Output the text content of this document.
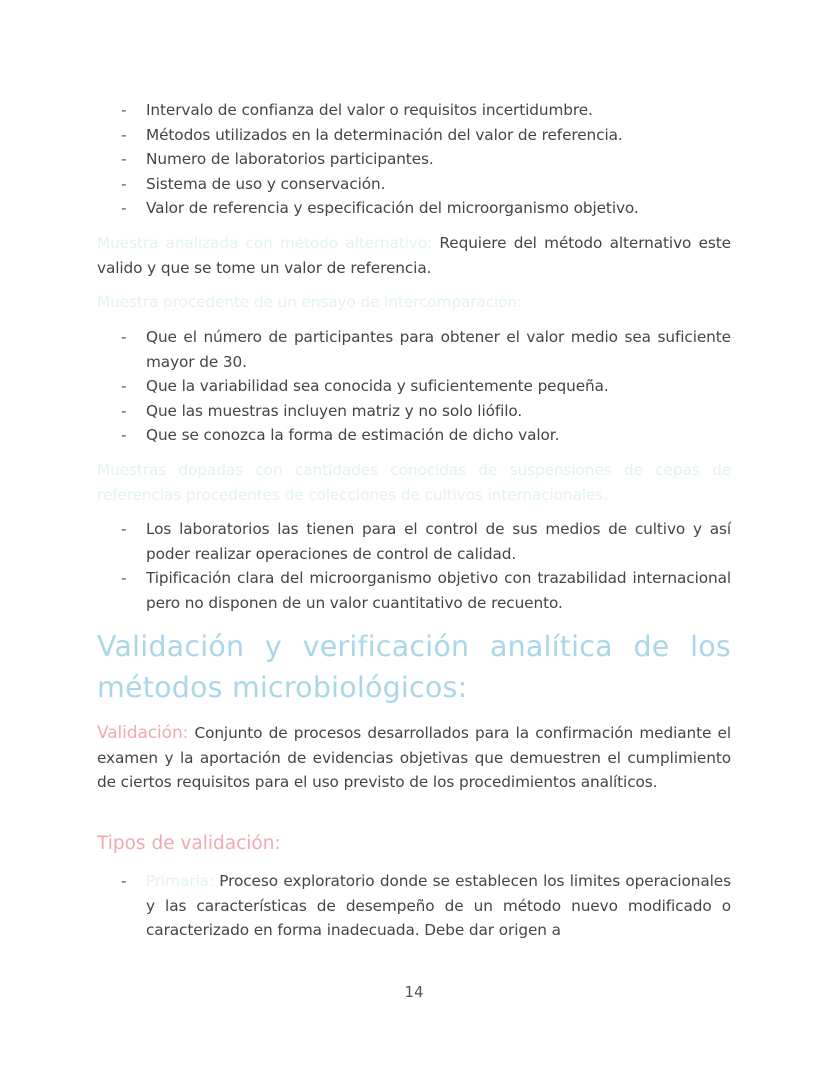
- Intervalo de confianza del valor o requisitos incertidumbre.
- Métodos utilizados en la determinación del valor de referencia.
- Numero de laboratorios participantes.
- Sistema de uso y conservación.
- Valor de referencia y especificación del microorganismo objetivo.

Muestra analizada con método alternativo: Requiere del método alternativo este valido y que se tome un valor de referencia.

Muestra procedente de un ensayo de intercomparación:

- Que el número de participantes para obtener el valor medio sea suficiente mayor de 30.
- Que la variabilidad sea conocida y suficientemente pequeña.
- Que las muestras incluyen matriz y no solo liófilo.
- Que se conozca la forma de estimación de dicho valor.

Muestras dopadas con cantidades conocidas de suspensiones de cepas de referencias procedentes de colecciones de cultivos internacionales.

- Los laboratorios las tienen para el control de sus medios de cultivo y así poder realizar operaciones de control de calidad.
- Tipificación clara del microorganismo objetivo con trazabilidad internacional pero no disponen de un valor cuantitativo de recuento.
Validación y verificación analítica de los
métodos microbiológicos:

Validación: Conjunto de procesos desarrollados para la confirmación mediante el examen y la aportación de evidencias objetivas que demuestren el cumplimiento de ciertos requisitos para el uso previsto de los procedimientos analíticos.

Tipos de validación:
- Primaria: Proceso exploratorio donde se establecen los limites operacionales y las características de desempeño de un método nuevo modificado o caracterizado en forma inadecuada. Debe dar origen a
14
